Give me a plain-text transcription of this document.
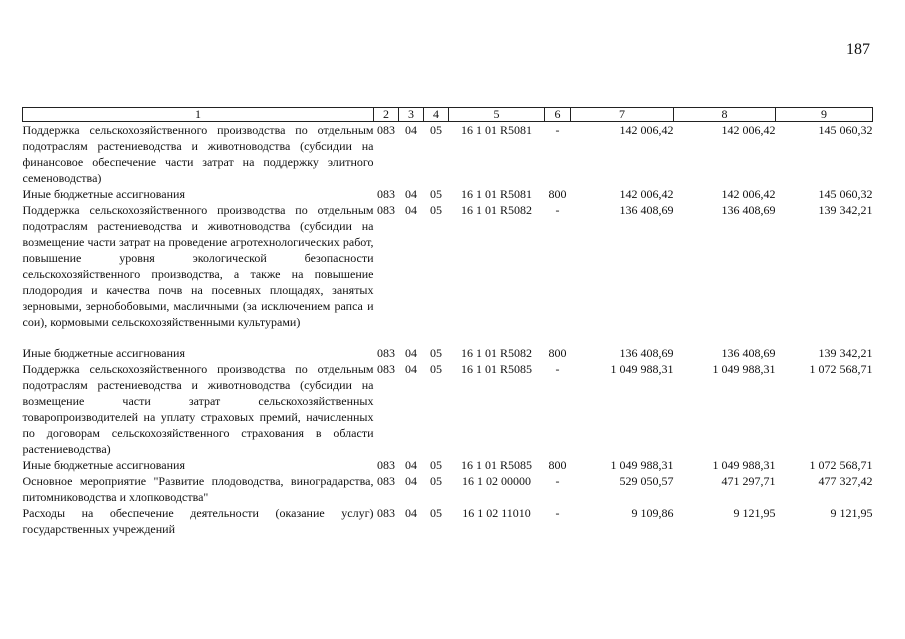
187
1	2	3	4	5	6	7	8	9
Поддержка сельскохозяйственного производства по отдельным подотраслям растениеводства и животноводства (субсидии на финансовое обеспечение части затрат на поддержку элитного семеноводства)	083	04	05	16 1 01 R5081	-	142 006,42	142 006,42	145 060,32
Иные бюджетные ассигнования	083	04	05	16 1 01 R5081	800	142 006,42	142 006,42	145 060,32
Поддержка сельскохозяйственного производства по отдельным подотраслям растениеводства и животноводства (субсидии на возмещение части затрат на проведение агротехнологических работ, повышение уровня экологической безопасности сельскохозяйственного производства, а также на повышение плодородия и качества почв на посевных площадях, занятых зерновыми, зернобобовыми, масличными (за исключением рапса и сои), кормовыми сельскохозяйственными культурами)	083	04	05	16 1 01 R5082	-	136 408,69	136 408,69	139 342,21

Иные бюджетные ассигнования	083	04	05	16 1 01 R5082	800	136 408,69	136 408,69	139 342,21
Поддержка сельскохозяйственного производства по отдельным подотраслям растениеводства и животноводства (субсидии на возмещение части затрат сельскохозяйственных товаропроизводителей на уплату страховых премий, начисленных по договорам сельскохозяйственного страхования в области растениеводства)	083	04	05	16 1 01 R5085	-	1 049 988,31	1 049 988,31	1 072 568,71
Иные бюджетные ассигнования	083	04	05	16 1 01 R5085	800	1 049 988,31	1 049 988,31	1 072 568,71
Основное мероприятие "Развитие плодоводства, виноградарства, питомниководства и хлопководства"	083	04	05	16 1 02 00000	-	529 050,57	471 297,71	477 327,42
Расходы на обеспечение деятельности (оказание услуг) государственных учреждений	083	04	05	16 1 02 11010	-	9 109,86	9 121,95	9 121,95
